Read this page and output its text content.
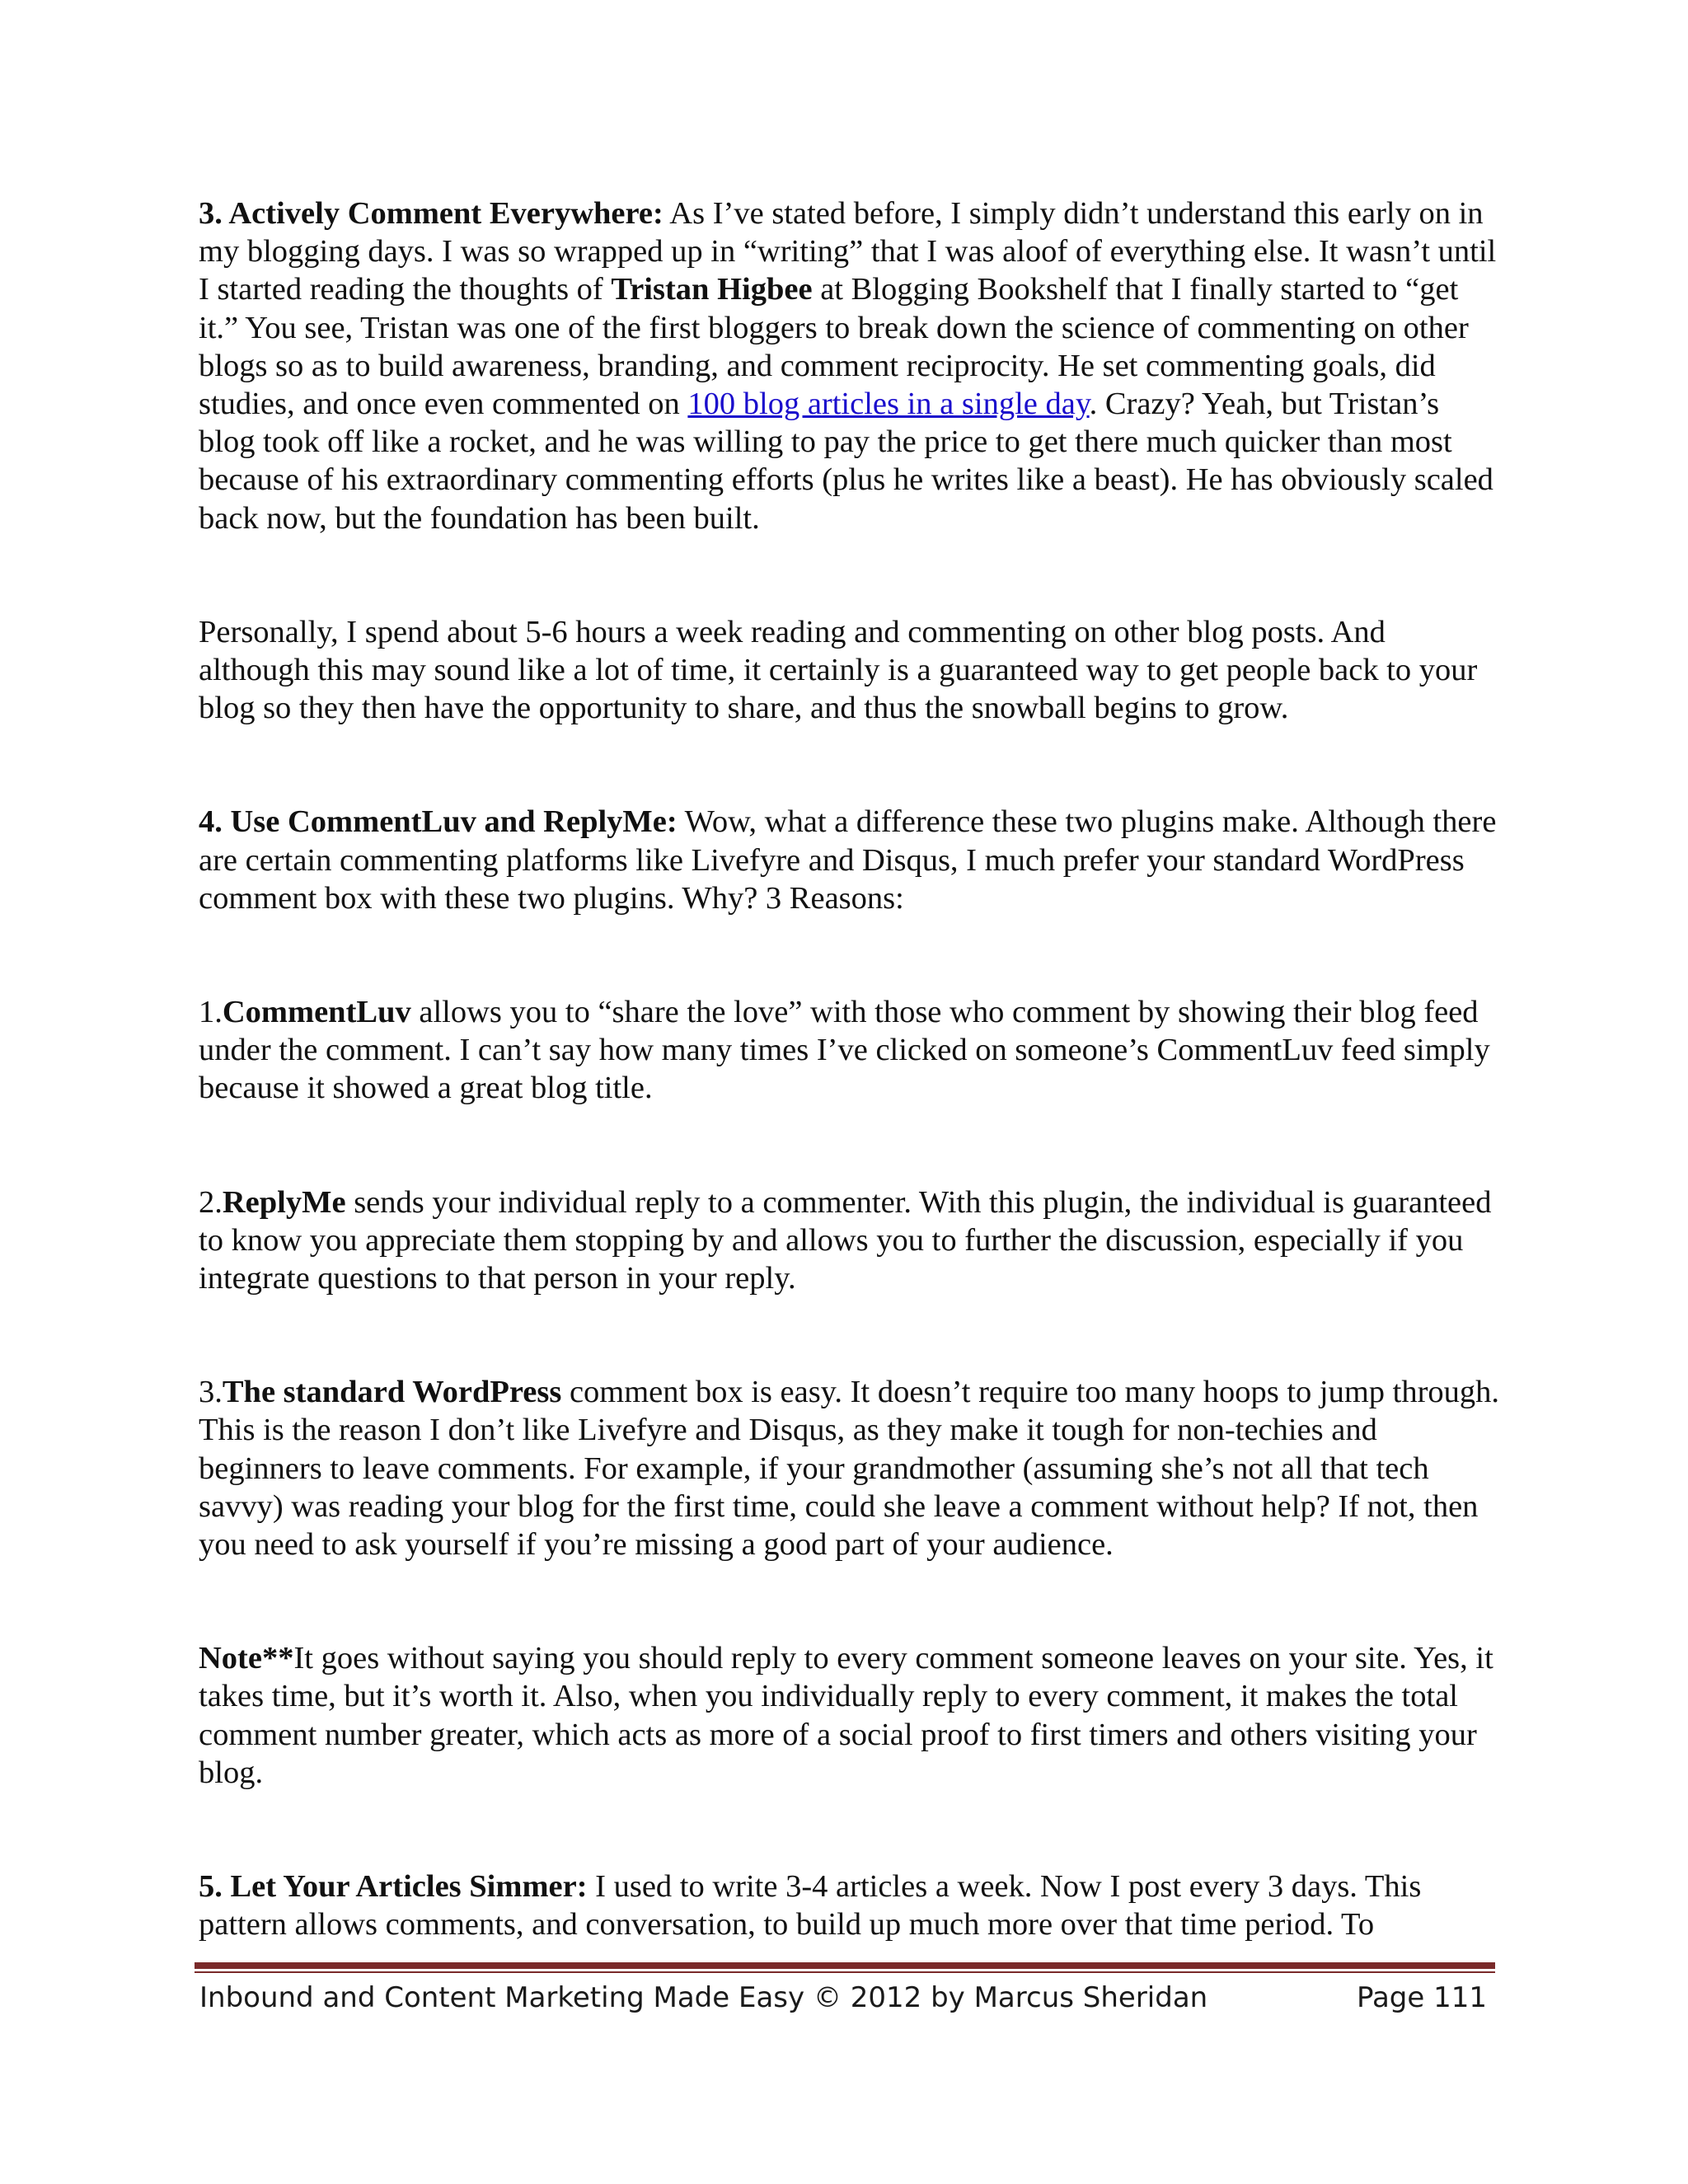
3. Actively Comment Everywhere: As I’ve stated before, I simply didn’t understand this early on in my blogging days. I was so wrapped up in “writing” that I was aloof of everything else. It wasn’t until I started reading the thoughts of Tristan Higbee at Blogging Bookshelf that I finally started to “get it.” You see, Tristan was one of the first bloggers to break down the science of commenting on other blogs so as to build awareness, branding, and comment reciprocity. He set commenting goals, did studies, and once even commented on 100 blog articles in a single day. Crazy? Yeah, but Tristan’s blog took off like a rocket, and he was willing to pay the price to get there much quicker than most because of his extraordinary commenting efforts (plus he writes like a beast). He has obviously scaled back now, but the foundation has been built.

Personally, I spend about 5-6 hours a week reading and commenting on other blog posts. And although this may sound like a lot of time, it certainly is a guaranteed way to get people back to your blog so they then have the opportunity to share, and thus the snowball begins to grow.

4. Use CommentLuv and ReplyMe: Wow, what a difference these two plugins make. Although there are certain commenting platforms like Livefyre and Disqus, I much prefer your standard WordPress comment box with these two plugins. Why? 3 Reasons:

1.CommentLuv allows you to “share the love” with those who comment by showing their blog feed under the comment. I can’t say how many times I’ve clicked on someone’s CommentLuv feed simply because it showed a great blog title.

2.ReplyMe sends your individual reply to a commenter. With this plugin, the individual is guaranteed to know you appreciate them stopping by and allows you to further the discussion, especially if you integrate questions to that person in your reply.

3.The standard WordPress comment box is easy. It doesn’t require too many hoops to jump through. This is the reason I don’t like Livefyre and Disqus, as they make it tough for non-techies and beginners to leave comments. For example, if your grandmother (assuming she’s not all that tech savvy) was reading your blog for the first time, could she leave a comment without help? If not, then you need to ask yourself if you’re missing a good part of your audience.

Note**It goes without saying you should reply to every comment someone leaves on your site. Yes, it takes time, but it’s worth it. Also, when you individually reply to every comment, it makes the total comment number greater, which acts as more of a social proof to first timers and others visiting your blog.

5. Let Your Articles Simmer: I used to write 3-4 articles a week. Now I post every 3 days. This pattern allows comments, and conversation, to build up much more over that time period. To

Inbound and Content Marketing Made Easy © 2012 by Marcus Sheridan	Page 111
